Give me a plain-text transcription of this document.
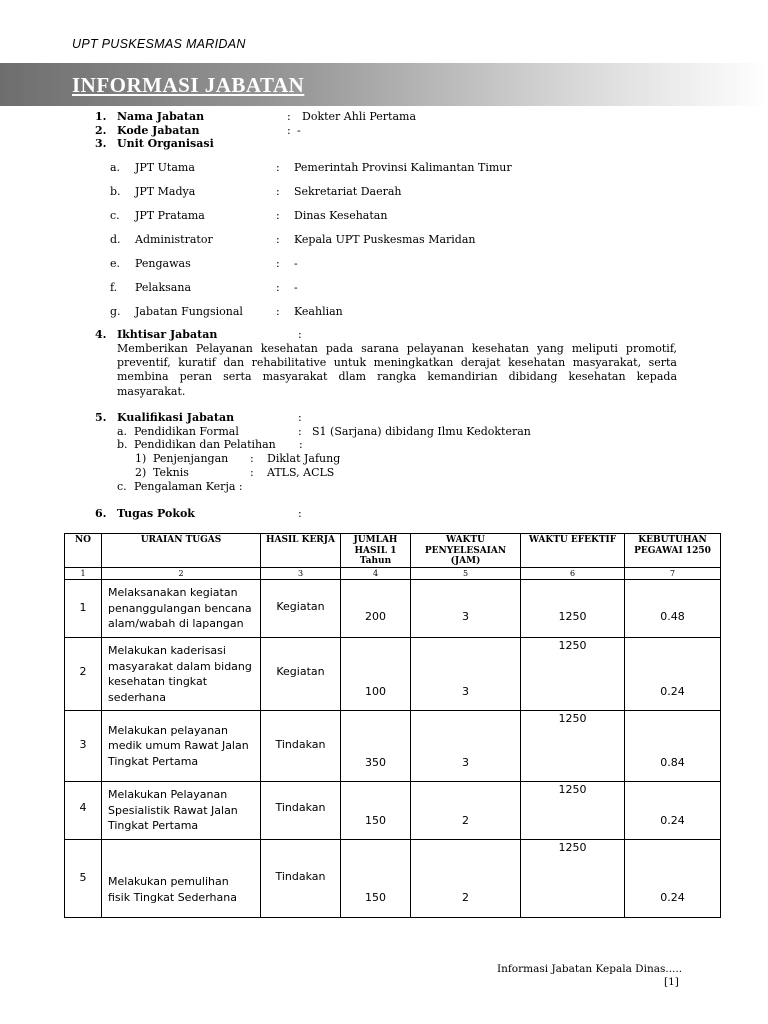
UPT PUSKESMAS MARIDAN
INFORMASI JABATAN
1. Nama Jabatan	: Dokter Ahli Pertama
2. Kode Jabatan	: -
3. Unit Organisasi
a. JPT Utama	: Pemerintah Provinsi Kalimantan Timur
b. JPT Madya	: Sekretariat Daerah
c. JPT Pratama	: Dinas Kesehatan
d. Administrator	: Kepala UPT Puskesmas Maridan
e. Pengawas	: -
f. Pelaksana	: -
g. Jabatan Fungsional	: Keahlian
4. Ikhtisar Jabatan	:
Memberikan Pelayanan kesehatan pada sarana pelayanan kesehatan yang meliputi promotif, preventif, kuratif dan rehabilitative untuk meningkatkan derajat kesehatan masyarakat, serta membina peran serta masyarakat dlam rangka kemandirian dibidang kesehatan kepada masyarakat.
5. Kualifikasi Jabatan	:
a. Pendidikan Formal	: S1 (Sarjana) dibidang Ilmu Kedokteran
b. Pendidikan dan Pelatihan :
1) Penjenjangan : Diklat Jafung
2) Teknis	: ATLS, ACLS
c. Pengalaman Kerja :
6. Tugas Pokok	:
NO	URAIAN TUGAS	HASIL KERJA	JUMLAH HASIL 1 Tahun	WAKTU PENYELESAIAN (JAM)	WAKTU EFEKTIF	KEBUTUHAN PEGAWAI 1250
1	2	3	4	5	6	7

1	Melaksanakan kegiatan penanggulangan bencana alam/wabah di lapangan	Kegiatan	200	3	1250	0.48

2	Melakukan kaderisasi masyarakat dalam bidang kesehatan tingkat sederhana	Kegiatan	100	3	1250	0.24

3	Melakukan pelayanan medik umum Rawat Jalan Tingkat Pertama	Tindakan	350	3	1250	0.84

4	Melakukan Pelayanan Spesialistik Rawat Jalan Tingkat Pertama	Tindakan	150	2	1250	0.24

5	Melakukan pemulihan fisik Tingkat Sederhana	Tindakan	150	2	1250	0.24
Informasi Jabatan Kepala Dinas.....
[1]
